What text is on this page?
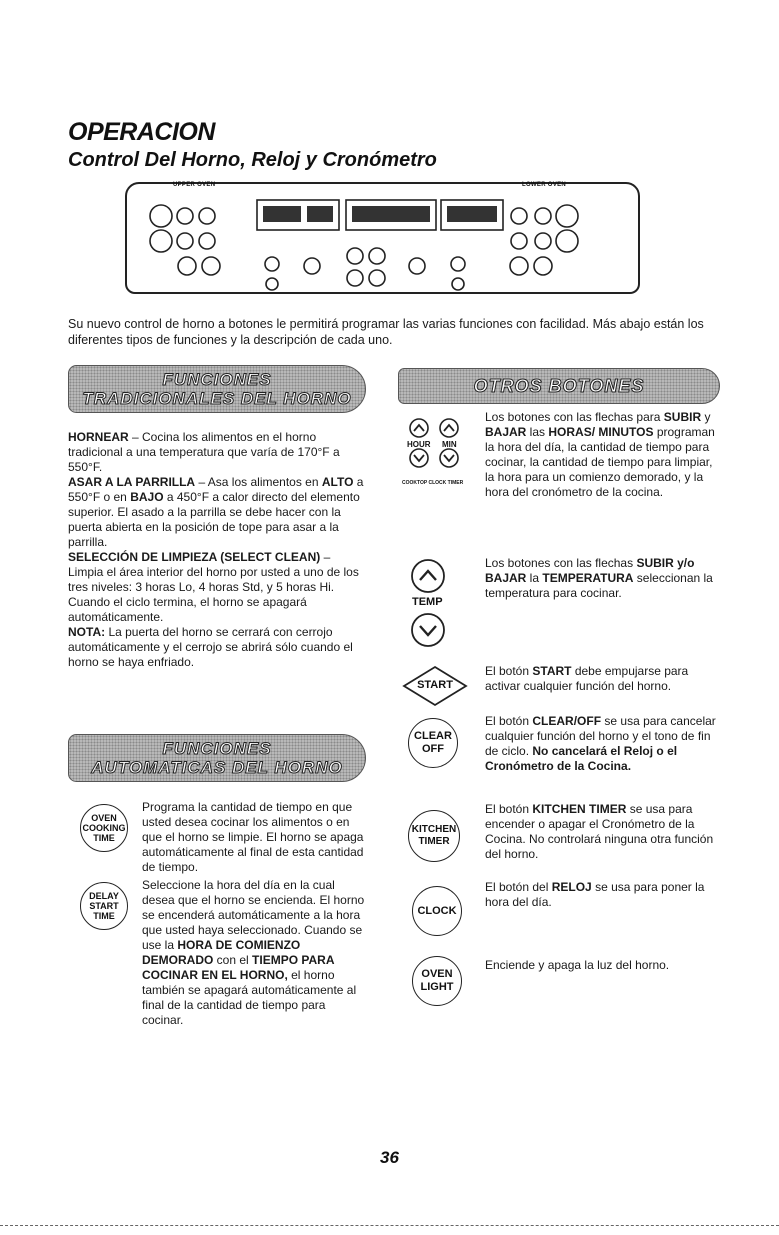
OPERACION
Control Del Horno, Reloj y Cronómetro
UPPER OVEN	LOWER OVEN

Su nuevo control de horno a botones le permitirá programar las varias funciones con facilidad. Más abajo están los diferentes tipos de funciones y la descripción de cada uno.

FUNCIONES
TRADICIONALES DEL HORNO

HORNEAR – Cocina los alimentos en el horno tradicional a una temperatura que varía de 170°F a 550°F.

ASAR A LA PARRILLA – Asa los alimentos en ALTO a 550°F o en BAJO a 450°F a calor directo del elemento superior. El asado a la parrilla se debe hacer con la puerta abierta en la posición de tope para asar a la parrilla.

SELECCIÓN DE LIMPIEZA (SELECT CLEAN) – Limpia el área interior del horno por usted a uno de los tres niveles: 3 horas Lo, 4 horas Std, y 5 horas Hi. Cuando el ciclo termina, el horno se apagará automáticamente.

NOTA: La puerta del horno se cerrará con cerrojo automáticamente y el cerrojo se abrirá sólo cuando el horno se haya enfriado.

FUNCIONES
AUTOMATICAS DEL HORNO
OVEN
COOKING
TIME

Programa la cantidad de tiempo en que usted desea cocinar los alimentos o en que el horno se limpie. El horno se apaga automáticamente al final de esta cantidad de tiempo.

DELAY
START
TIME

Seleccione la hora del día en la cual desea que el horno se encienda. El horno se encenderá automáticamente a la hora que usted haya seleccionado. Cuando se use la HORA DE COMIENZO DEMORADO con el TIEMPO PARA COCINAR EN EL HORNO, el horno también se apagará automáticamente al final de la cantidad de tiempo para cocinar.

OTROS BOTONES
HOUR MIN
COOKTOP CLOCK TIMER

Los botones con las flechas para SUBIR y BAJAR las HORAS/ MINUTOS programan la hora del día, la cantidad de tiempo para cocinar, la cantidad de tiempo para limpiar, la hora para un comienzo demorado, y la hora del cronómetro de la cocina.

TEMP

Los botones con las flechas SUBIR y/o BAJAR la TEMPERATURA seleccionan la temperatura para cocinar.

START

El botón START debe empujarse para activar cualquier función del horno.

CLEAR
OFF

El botón CLEAR/OFF se usa para cancelar cualquier función del horno y el tono de fin de ciclo. No cancelará el Reloj o el Cronómetro de la Cocina.

KITCHEN
TIMER

El botón KITCHEN TIMER se usa para encender o apagar el Cronómetro de la Cocina. No controlará ninguna otra función del horno.

CLOCK

El botón del RELOJ se usa para poner la hora del día.

OVEN
LIGHT

Enciende y apaga la luz del horno.

36
